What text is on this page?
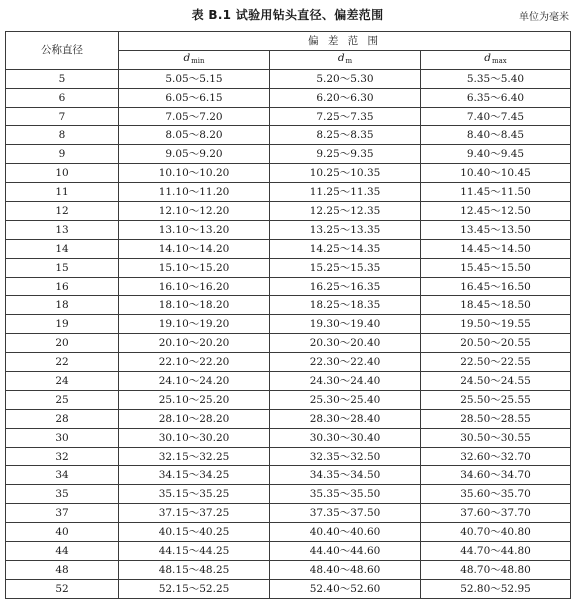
表 B.1 试验用钻头直径、偏差范围	单位为毫米
公称直径	偏 差 范 围		
	$d_{min}$	$d_m$	$d_{max}$
5	5.05～5.15	5.20～5.30	5.35～5.40
6	6.05～6.15	6.20～6.30	6.35～6.40
7	7.05～7.20	7.25～7.35	7.40～7.45
8	8.05～8.20	8.25～8.35	8.40～8.45
9	9.05～9.20	9.25～9.35	9.40～9.45
10	10.10～10.20	10.25～10.35	10.40～10.45
11	11.10～11.20	11.25～11.35	11.45～11.50
12	12.10～12.20	12.25～12.35	12.45～12.50
13	13.10～13.20	13.25～13.35	13.45～13.50
14	14.10～14.20	14.25～14.35	14.45～14.50
15	15.10～15.20	15.25～15.35	15.45～15.50
16	16.10～16.20	16.25～16.35	16.45～16.50
18	18.10～18.20	18.25～18.35	18.45～18.50
19	19.10～19.20	19.30～19.40	19.50～19.55
20	20.10～20.20	20.30～20.40	20.50～20.55
22	22.10～22.20	22.30～22.40	22.50～22.55
24	24.10～24.20	24.30～24.40	24.50～24.55
25	25.10～25.20	25.30～25.40	25.50～25.55
28	28.10～28.20	28.30～28.40	28.50～28.55
30	30.10～30.20	30.30～30.40	30.50～30.55
32	32.15～32.25	32.35～32.50	32.60～32.70
34	34.15～34.25	34.35～34.50	34.60～34.70
35	35.15～35.25	35.35～35.50	35.60～35.70
37	37.15～37.25	37.35～37.50	37.60～37.70
40	40.15～40.25	40.40～40.60	40.70～40.80
44	44.15～44.25	44.40～44.60	44.70～44.80
48	48.15～48.25	48.40～48.60	48.70～48.80
52	52.15～52.25	52.40～52.60	52.80～52.95
